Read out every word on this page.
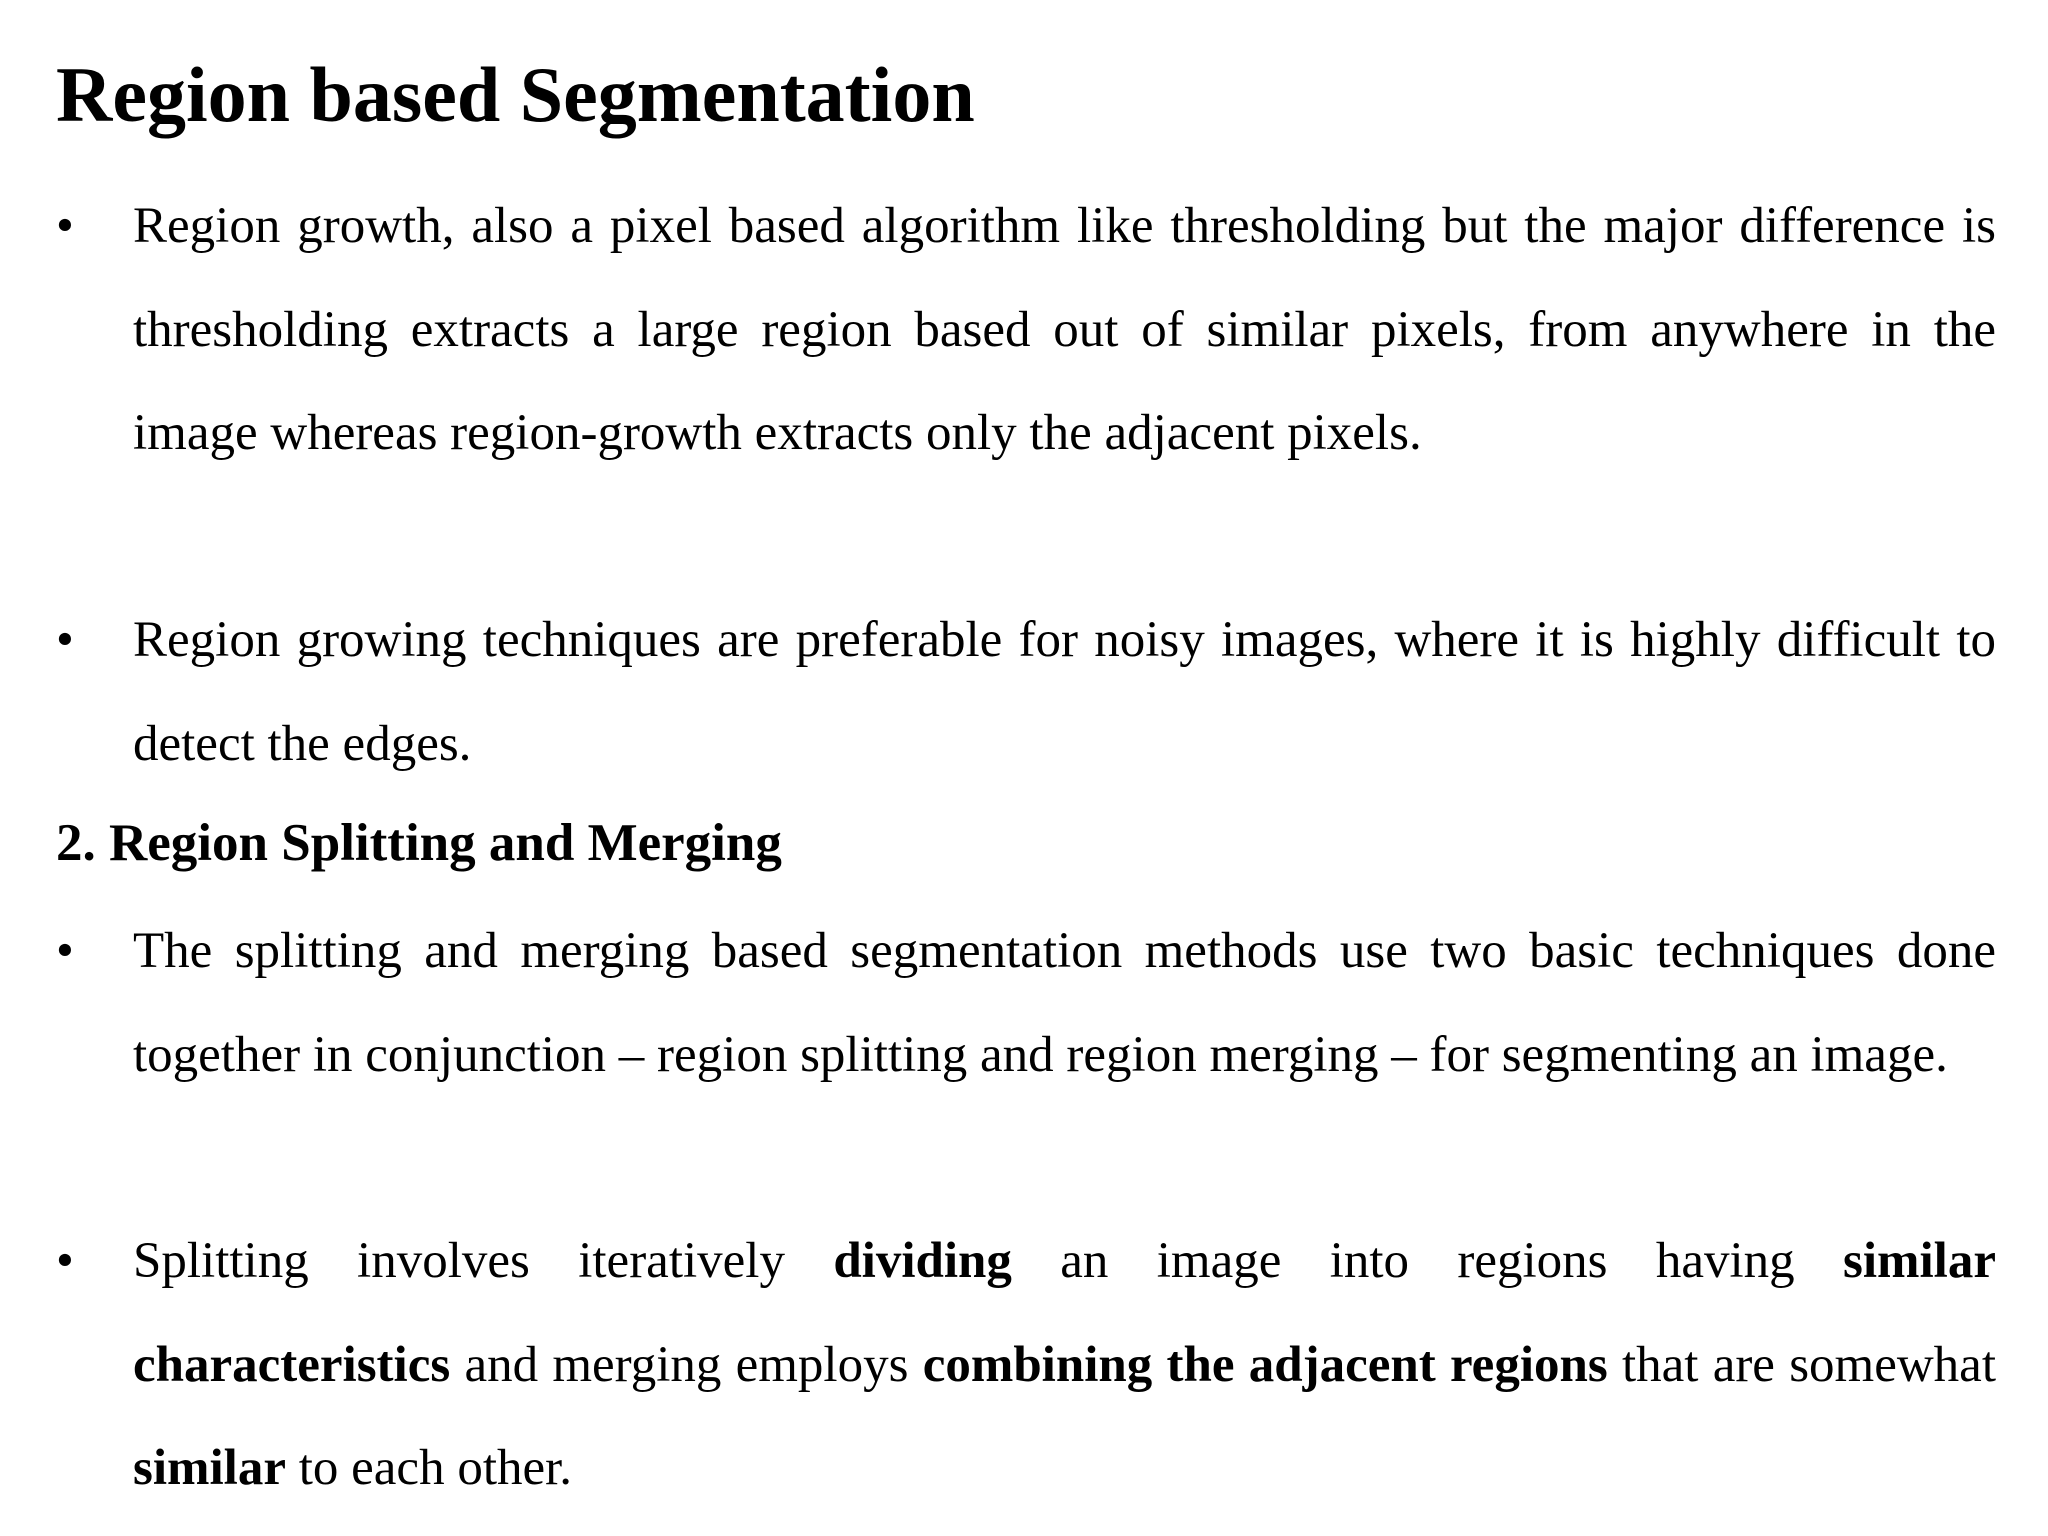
Region based Segmentation
•	Region growth, also a pixel based algorithm like thresholding but the major difference is thresholding extracts a large region based out of similar pixels, from anywhere in the image whereas region-growth extracts only the adjacent pixels.

•	Region growing techniques are preferable for noisy images, where it is highly difficult to detect the edges.

2. Region Splitting and Merging
•	The splitting and merging based segmentation methods use two basic techniques done together in conjunction – region splitting and region merging – for segmenting an image.

•	Splitting involves iteratively dividing an image into regions having similar characteristics and merging employs combining the adjacent regions that are somewhat similar to each other.
